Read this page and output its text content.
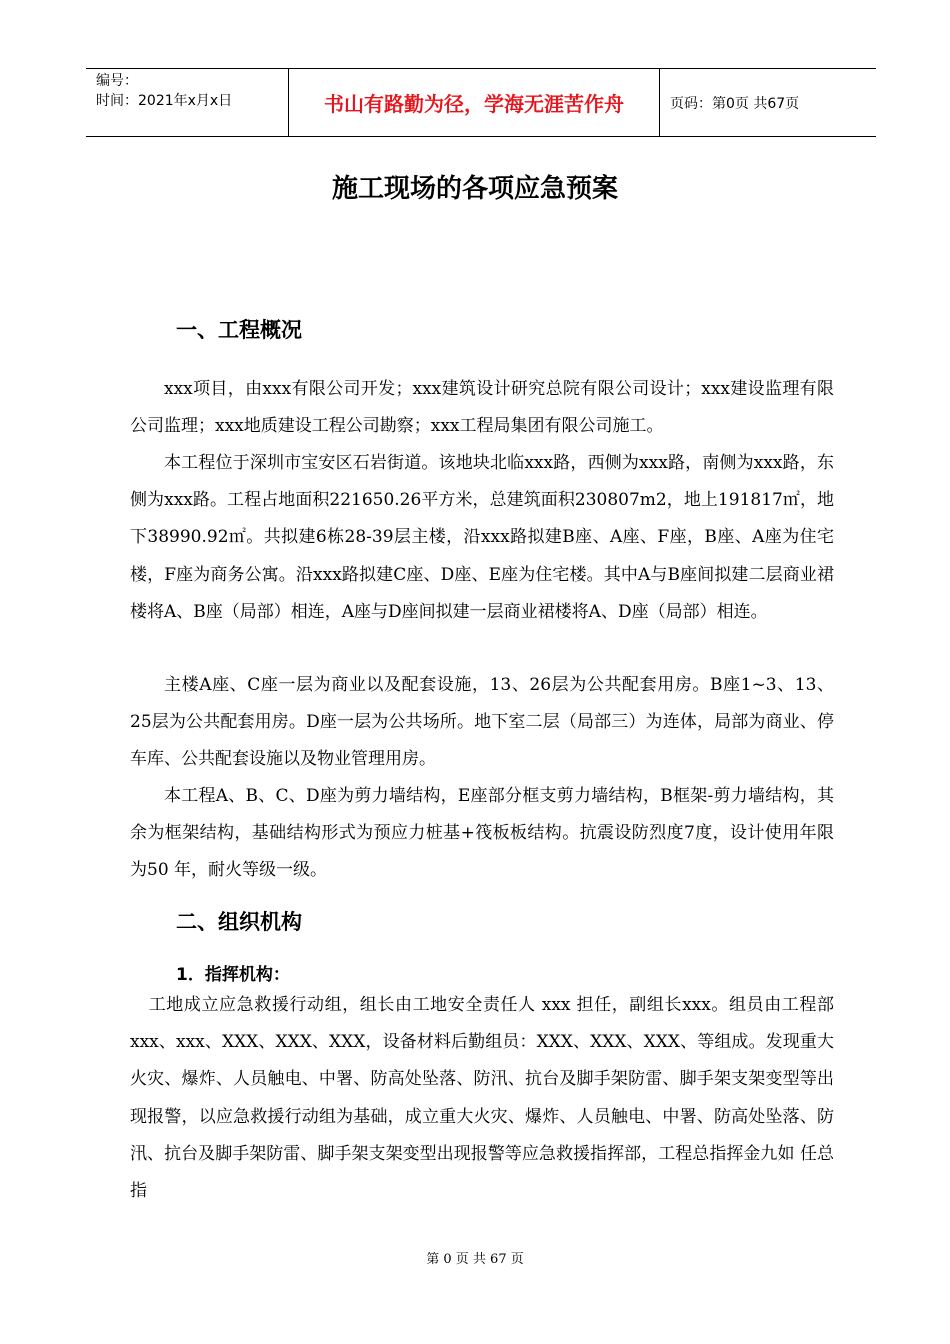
编号：
时间：2021年x月x日	书山有路勤为径，学海无涯苦作舟	页码：第0页 共67页
施工现场的各项应急预案
一、工程概况

xxx项目，由xxx有限公司开发；xxx建筑设计研究总院有限公司设计；xxx建设监理有限公司监理；xxx地质建设工程公司勘察；xxx工程局集团有限公司施工。

本工程位于深圳市宝安区石岩街道。该地块北临xxx路，西侧为xxx路，南侧为xxx路，东侧为xxx路。工程占地面积221650.26平方米，总建筑面积230807m2，地上191817㎡，地下38990.92㎡。共拟建6栋28-39层主楼，沿xxx路拟建B座、A座、F座，B座、A座为住宅楼，F座为商务公寓。沿xxx路拟建C座、D座、E座为住宅楼。其中A与B座间拟建二层商业裙楼将A、B座（局部）相连，A座与D座间拟建一层商业裙楼将A、D座（局部）相连。

主楼A座、C座一层为商业以及配套设施，13、26层为公共配套用房。B座1~3、13、25层为公共配套用房。D座一层为公共场所。地下室二层（局部三）为连体，局部为商业、停车库、公共配套设施以及物业管理用房。

本工程A、B、C、D座为剪力墙结构，E座部分框支剪力墙结构，B框架-剪力墙结构，其余为框架结构，基础结构形式为预应力桩基+筏板板结构。抗震设防烈度7度，设计使用年限为50 年，耐火等级一级。

二、组织机构
1．指挥机构：

工地成立应急救援行动组，组长由工地安全责任人 xxx 担任，副组长xxx。组员由工程部 xxx、xxx、XXX、XXX、XXX，设备材料后勤组员：XXX、XXX、XXX、等组成。发现重大火灾、爆炸、人员触电、中署、防高处坠落、防汛、抗台及脚手架防雷、脚手架支架变型等出现报警，以应急救援行动组为基础，成立重大火灾、爆炸、人员触电、中署、防高处坠落、防汛、抗台及脚手架防雷、脚手架支架变型出现报警等应急救援指挥部，工程总指挥金九如 任总指

第 0 页 共 67 页
